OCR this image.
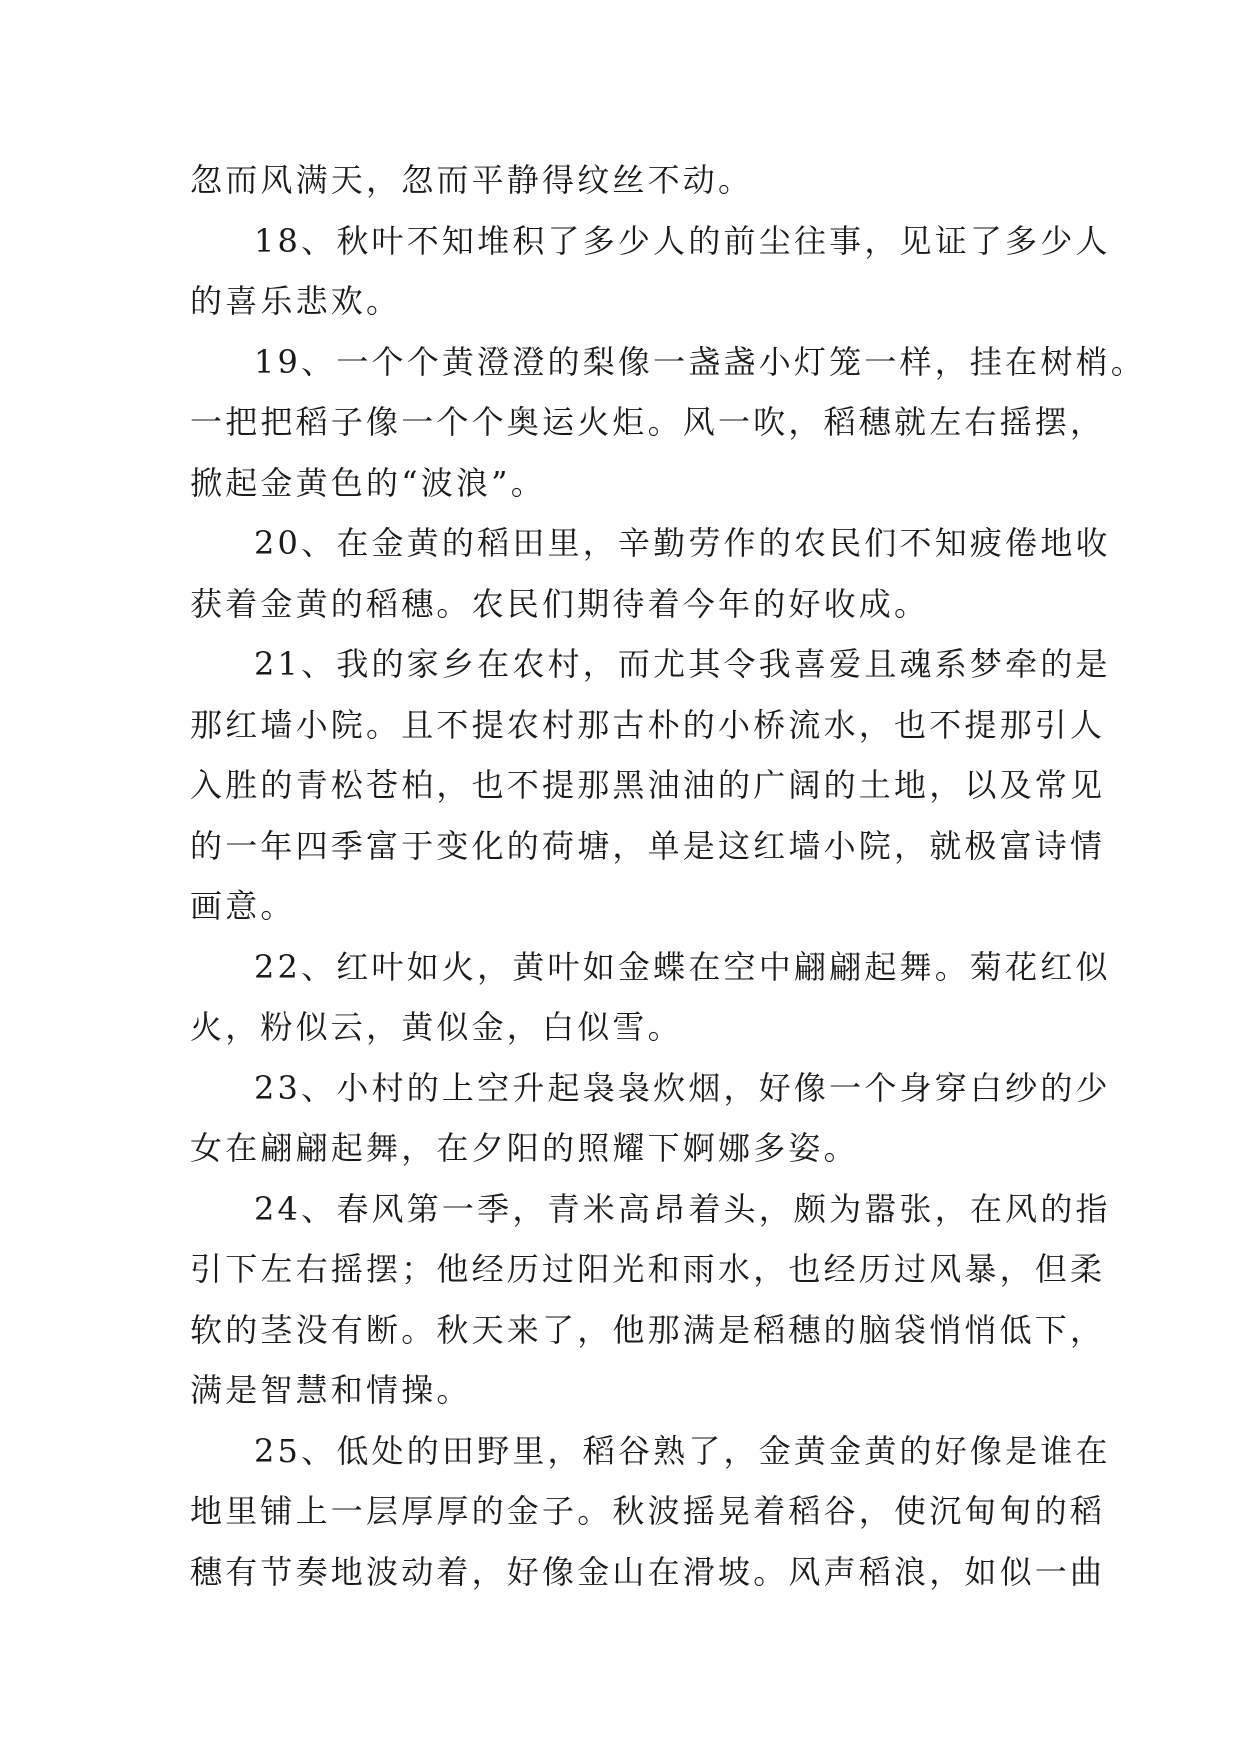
忽而风满天，忽而平静得纹丝不动。
18、秋叶不知堆积了多少人的前尘往事，见证了多少人
的喜乐悲欢。
19、一个个黄澄澄的梨像一盏盏小灯笼一样，挂在树梢。
一把把稻子像一个个奥运火炬。风一吹，稻穗就左右摇摆，
掀起金黄色的“波浪”。
20、在金黄的稻田里，辛勤劳作的农民们不知疲倦地收
获着金黄的稻穗。农民们期待着今年的好收成。
21、我的家乡在农村，而尤其令我喜爱且魂系梦牵的是
那红墙小院。且不提农村那古朴的小桥流水，也不提那引人
入胜的青松苍柏，也不提那黑油油的广阔的土地，以及常见
的一年四季富于变化的荷塘，单是这红墙小院，就极富诗情
画意。
22、红叶如火，黄叶如金蝶在空中翩翩起舞。菊花红似
火，粉似云，黄似金，白似雪。
23、小村的上空升起袅袅炊烟，好像一个身穿白纱的少
女在翩翩起舞，在夕阳的照耀下婀娜多姿。
24、春风第一季，青米高昂着头，颇为嚣张，在风的指
引下左右摇摆；他经历过阳光和雨水，也经历过风暴，但柔
软的茎没有断。秋天来了，他那满是稻穗的脑袋悄悄低下，
满是智慧和情操。
25、低处的田野里，稻谷熟了，金黄金黄的好像是谁在
地里铺上一层厚厚的金子。秋波摇晃着稻谷，使沉甸甸的稻
穗有节奏地波动着，好像金山在滑坡。风声稻浪，如似一曲
